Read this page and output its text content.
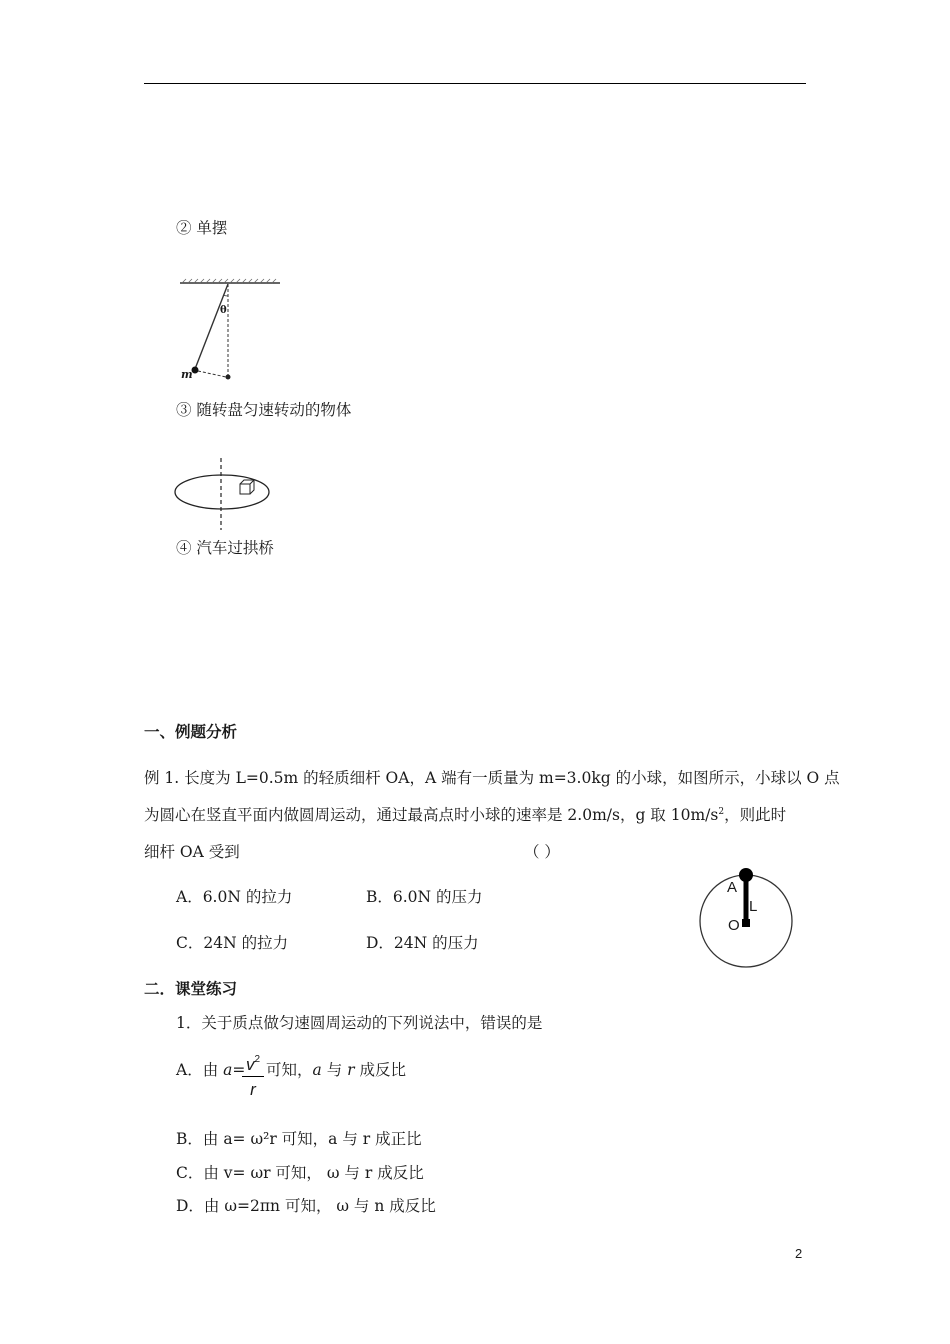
② 单摆
θ
m
③ 随转盘匀速转动的物体
④ 汽车过拱桥
一、例题分析
例 1. 长度为 L=0.5m 的轻质细杆 OA，A 端有一质量为 m=3.0kg 的小球，如图所示，小球以 O 点
为圆心在竖直平面内做圆周运动，通过最高点时小球的速率是 2.0m/s，g 取 $10m/s^2$，则此时
细杆 OA 受到	（ ）
A．6.0N 的拉力	B．6.0N 的压力
C．24N 的拉力	D．24N 的压力
A
L
O
二．课堂练习
1．关于质点做匀速圆周运动的下列说法中，错误的是
A．由 a=
$\frac{v^2}{r}$ 可知，a 与 r 成反比
B．由 a= ω²r 可知，a 与 r 成正比
C．由 v= ωr 可知， ω 与 r 成反比
D．由 ω=2πn 可知， ω 与 n 成反比
2
